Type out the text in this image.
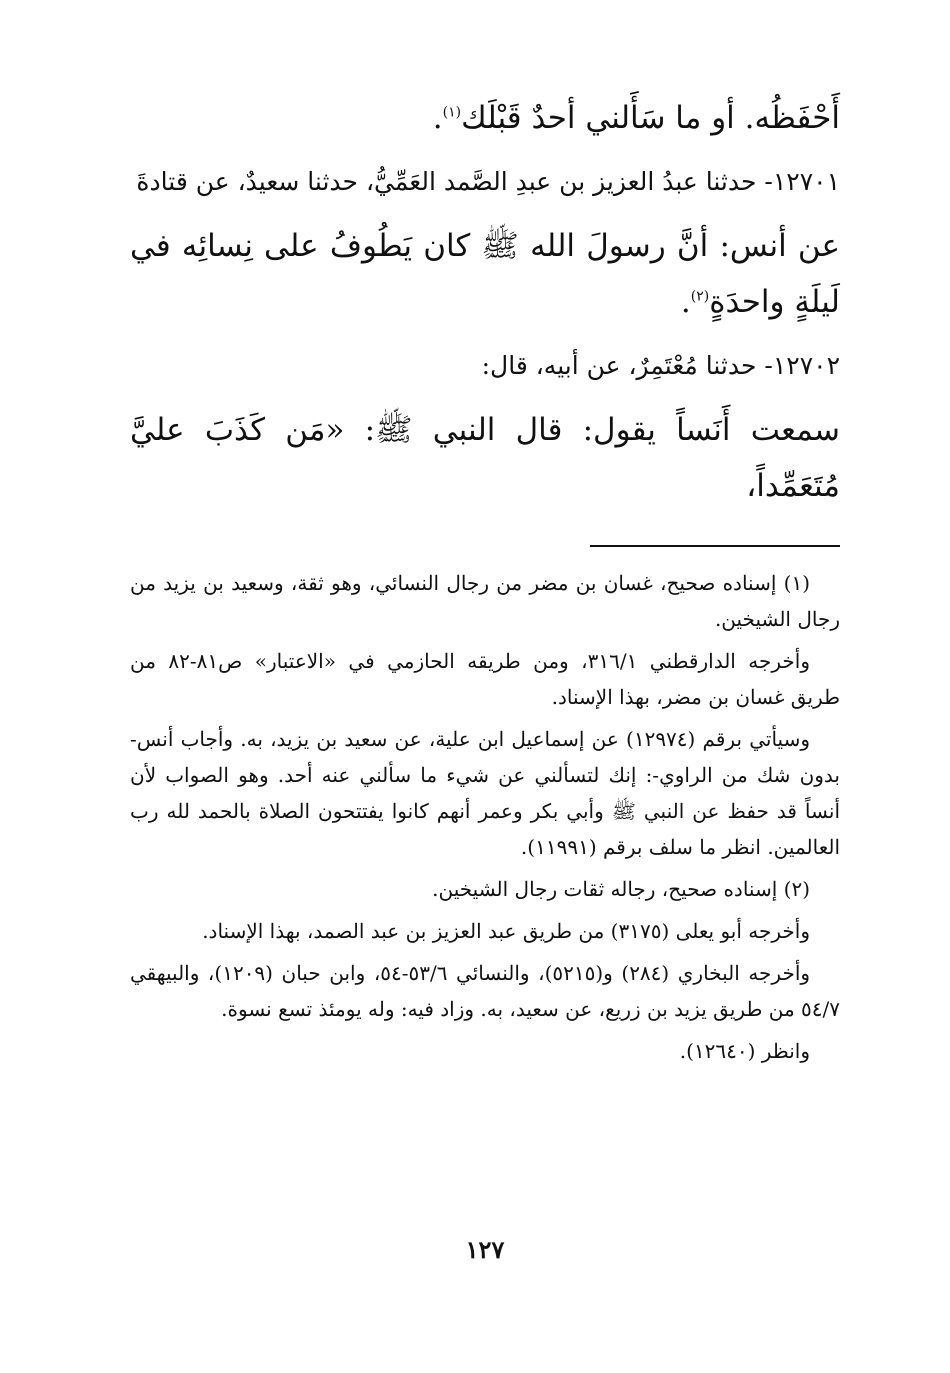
أَحْفَظُه. أو ما سَأَلني أحدٌ قَبْلَك$^{(١)}$.

١٢٧٠١- حدثنا عبدُ العزيز بن عبدِ الصَّمد العَمِّيُّ، حدثنا سعيدٌ، عن قتادةَ

عن أنس: أنَّ رسولَ الله ﷺ كان يَطُوفُ على نِسائِه في لَيلَةٍ واحدَةٍ$^{(٢)}$.

١٢٧٠٢- حدثنا مُعْتَمِرٌ، عن أبيه، قال:

سمعت أَنَساً يقول: قال النبي ﷺ: «مَن كَذَبَ عليَّ مُتَعَمِّداً،

(١) إسناده صحيح، غسان بن مضر من رجال النسائي، وهو ثقة، وسعيد بن يزيد من رجال الشيخين.

وأخرجه الدارقطني ٣١٦/١، ومن طريقه الحازمي في «الاعتبار» ص٨١-٨٢ من طريق غسان بن مضر، بهذا الإسناد.

وسيأتي برقم (١٢٩٧٤) عن إسماعيل ابن علية، عن سعيد بن يزيد، به. وأجاب أنس- بدون شك من الراوي-: إنك لتسألني عن شيء ما سألني عنه أحد. وهو الصواب لأن أنساً قد حفظ عن النبي ﷺ وأبي بكر وعمر أنهم كانوا يفتتحون الصلاة بالحمد لله رب العالمين. انظر ما سلف برقم (١١٩٩١).

(٢) إسناده صحيح، رجاله ثقات رجال الشيخين.

وأخرجه أبو يعلى (٣١٧٥) من طريق عبد العزيز بن عبد الصمد، بهذا الإسناد.

وأخرجه البخاري (٢٨٤) و(٥٢١٥)، والنسائي ٥٣/٦-٥٤، وابن حبان (١٢٠٩)، والبيهقي ٥٤/٧ من طريق يزيد بن زريع، عن سعيد، به. وزاد فيه: وله يومئذ تسع نسوة.

وانظر (١٢٦٤٠).

١٢٧
